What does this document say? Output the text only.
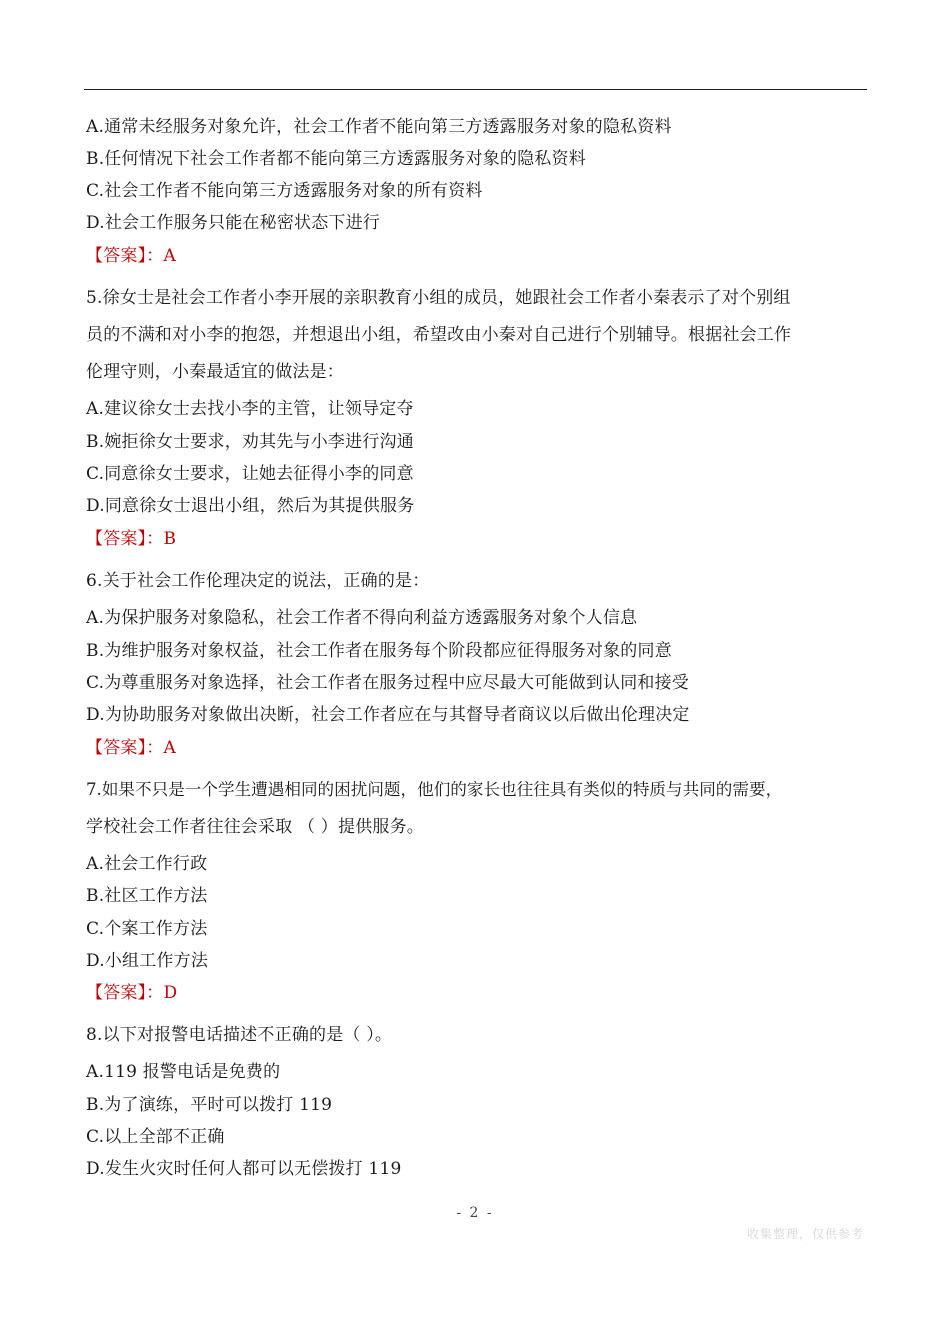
A.通常未经服务对象允许，社会工作者不能向第三方透露服务对象的隐私资料
B.任何情况下社会工作者都不能向第三方透露服务对象的隐私资料
C.社会工作者不能向第三方透露服务对象的所有资料
D.社会工作服务只能在秘密状态下进行
【答案】：A
5.徐女士是社会工作者小李开展的亲职教育小组的成员，她跟社会工作者小秦表示了对个别组
员的不满和对小李的抱怨，并想退出小组，希望改由小秦对自己进行个别辅导。根据社会工作
伦理守则，小秦最适宜的做法是：
A.建议徐女士去找小李的主管，让领导定夺
B.婉拒徐女士要求，劝其先与小李进行沟通
C.同意徐女士要求，让她去征得小李的同意
D.同意徐女士退出小组，然后为其提供服务
【答案】：B
6.关于社会工作伦理决定的说法，正确的是：
A.为保护服务对象隐私，社会工作者不得向利益方透露服务对象个人信息
B.为维护服务对象权益，社会工作者在服务每个阶段都应征得服务对象的同意
C.为尊重服务对象选择，社会工作者在服务过程中应尽最大可能做到认同和接受
D.为协助服务对象做出决断，社会工作者应在与其督导者商议以后做出伦理决定
【答案】：A
7.如果不只是一个学生遭遇相同的困扰问题，他们的家长也往往具有类似的特质与共同的需要，
学校社会工作者往往会采取 （ ）提供服务。
A.社会工作行政
B.社区工作方法
C.个案工作方法
D.小组工作方法
【答案】：D
8.以下对报警电话描述不正确的是（ ）。
A.119 报警电话是免费的
B.为了演练，平时可以拨打 119
C.以上全部不正确
D.发生火灾时任何人都可以无偿拨打 119
- 2 -
收集整理，仅供参考
